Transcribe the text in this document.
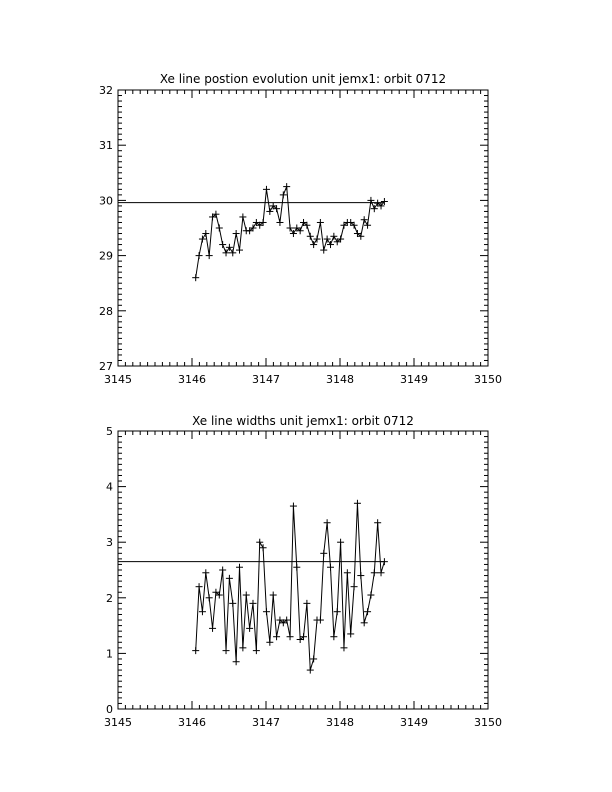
Xe line postion evolution unit jemx1: orbit 0712
3145	3146	3147	3148	3149	3150
27
28
29
30
31
32
Xe line widths unit jemx1: orbit 0712
3145	3146	3147	3148	3149	3150
0
1
2
3
4
5
